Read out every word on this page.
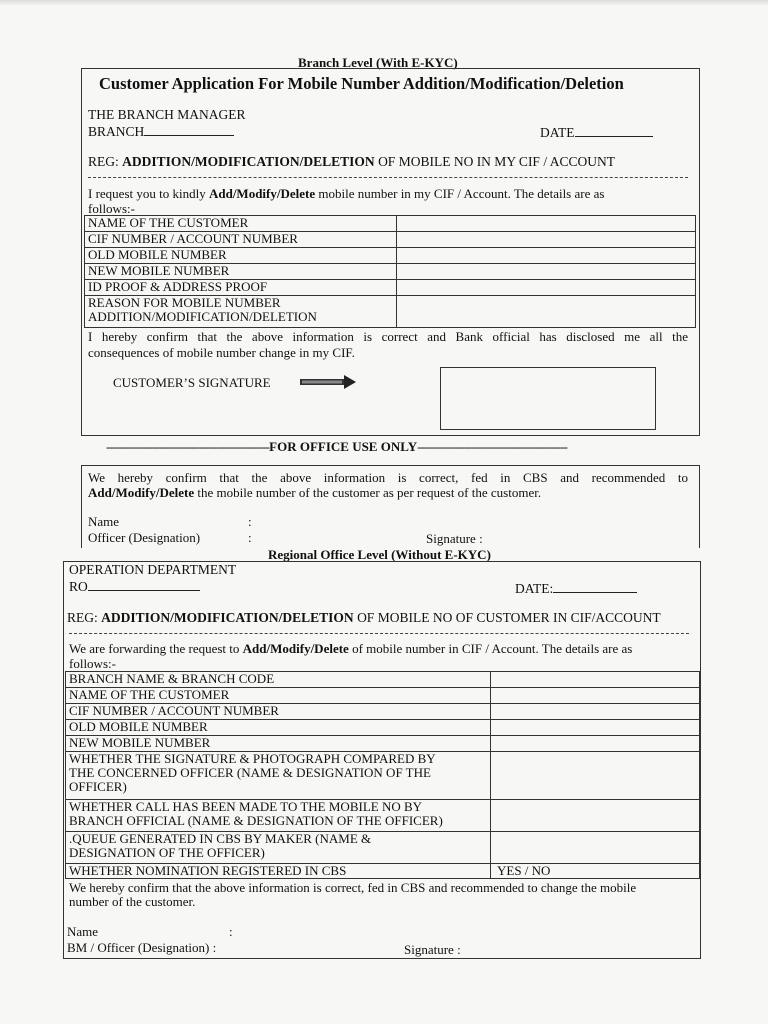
Branch Level (With E-KYC)
Customer Application For Mobile Number Addition/Modification/Deletion
THE BRANCH MANAGER
BRANCH	DATE
REG: ADDITION/MODIFICATION/DELETION OF MOBILE NO IN MY CIF / ACCOUNT
I request you to kindly Add/Modify/Delete mobile number in my CIF / Account. The details are as
follows:-
NAME OF THE CUSTOMER	
CIF NUMBER / ACCOUNT NUMBER	
OLD MOBILE NUMBER	
NEW MOBILE NUMBER	
ID PROOF & ADDRESS PROOF	

REASON FOR MOBILE NUMBER
ADDITION/MODIFICATION/DELETION	

I hereby confirm that the above information is correct and Bank official has disclosed me all the
consequences of mobile number change in my CIF.
CUSTOMER’S SIGNATURE
-------------------------------------------------FOR OFFICE USE ONLY---------------------------------------------
We hereby confirm that the above information is correct, fed in CBS and recommended to
Add/Modify/Delete the mobile number of the customer as per request of the customer.
Name	:
Officer (Designation)	:	Signature :
Regional Office Level (Without E-KYC)
OPERATION DEPARTMENT
RO	DATE:
REG: ADDITION/MODIFICATION/DELETION OF MOBILE NO OF CUSTOMER IN CIF/ACCOUNT
We are forwarding the request to Add/Modify/Delete of mobile number in CIF / Account. The details are as
follows:-
BRANCH NAME & BRANCH CODE	
NAME OF THE CUSTOMER	
CIF NUMBER / ACCOUNT NUMBER	
OLD MOBILE NUMBER	
NEW MOBILE NUMBER	

WHETHER THE SIGNATURE & PHOTOGRAPH COMPARED BY
THE CONCERNED OFFICER (NAME & DESIGNATION OF THE
OFFICER)	

WHETHER CALL HAS BEEN MADE TO THE MOBILE NO BY
BRANCH OFFICIAL (NAME & DESIGNATION OF THE OFFICER)	

.QUEUE GENERATED IN CBS BY MAKER (NAME &
DESIGNATION OF THE OFFICER)	

WHETHER NOMINATION REGISTERED IN CBS	YES / NO
We hereby confirm that the above information is correct, fed in CBS and recommended to change the mobile
number of the customer.
Name	:
BM / Officer (Designation) :	Signature :
